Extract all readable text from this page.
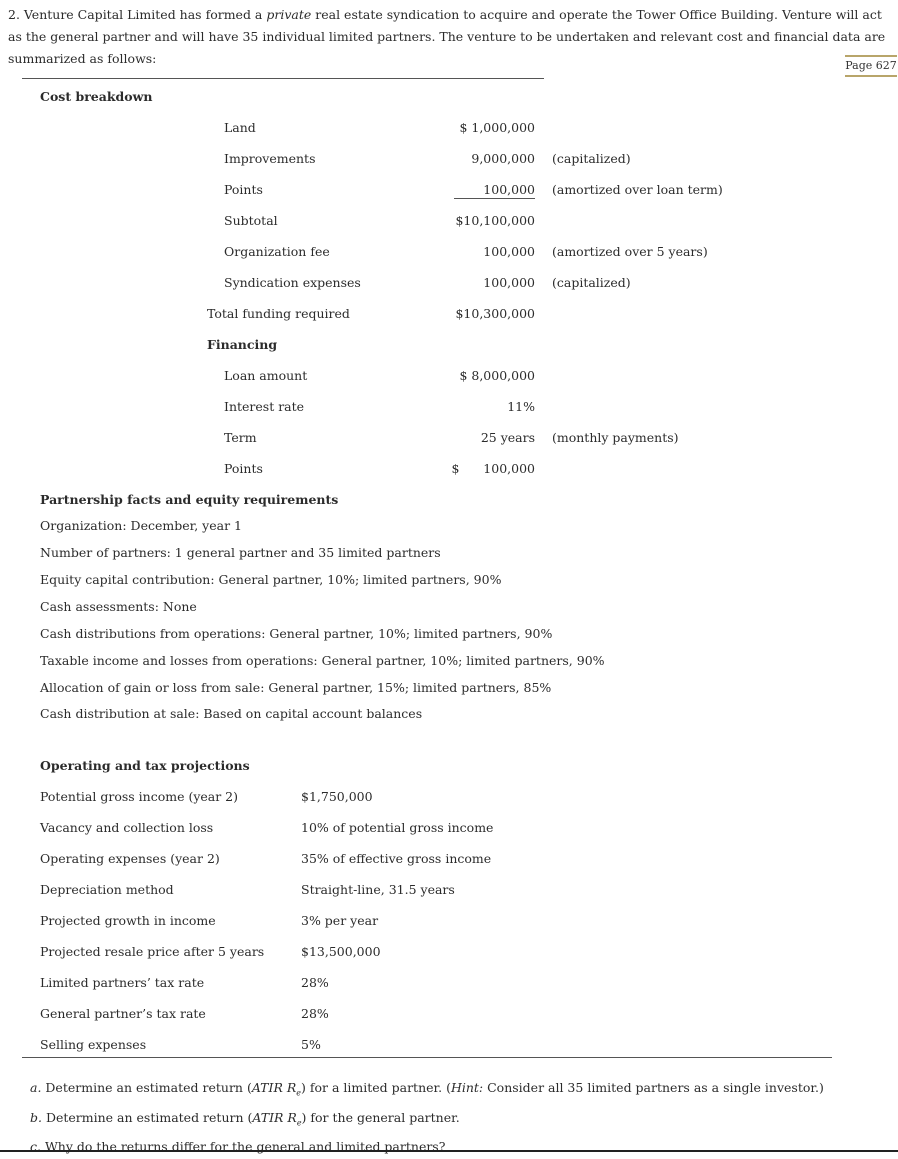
2. Venture Capital Limited has formed a private real estate syndication to acquire and operate the Tower Office Building. Venture will act as the general partner and will have 35 individual limited partners. The venture to be undertaken and relevant cost and financial data are summarized as follows:	Page 627
Cost breakdown
Land	$ 1,000,000
Improvements	9,000,000 (capitalized)
Points	100,000 (amortized over loan term)
Subtotal	$10,100,000
Organization fee	100,000 (amortized over 5 years)
Syndication expenses	100,000 (capitalized)
Total funding required	$10,300,000
Financing
Loan amount	$ 8,000,000
Interest rate	11%
Term	25 years (monthly payments)
Points	$      100,000
Partnership facts and equity requirements
Organization: December, year 1
Number of partners: 1 general partner and 35 limited partners
Equity capital contribution: General partner, 10%; limited partners, 90%
Cash assessments: None
Cash distributions from operations: General partner, 10%; limited partners, 90%
Taxable income and losses from operations: General partner, 10%; limited partners, 90%
Allocation of gain or loss from sale: General partner, 15%; limited partners, 85%
Cash distribution at sale: Based on capital account balances
Operating and tax projections
Potential gross income (year 2)	$1,750,000
Vacancy and collection loss	10% of potential gross income
Operating expenses (year 2)	35% of effective gross income
Depreciation method	Straight-line, 31.5 years
Projected growth in income	3% per year
Projected resale price after 5 years	$13,500,000
Limited partners’ tax rate	28%
General partner’s tax rate	28%
Selling expenses	5%
a. Determine an estimated return (ATIR $R_e$) for a limited partner. (Hint: Consider all 35 limited partners as a single investor.)
b. Determine an estimated return (ATIR $R_e$) for the general partner.
c. Why do the returns differ for the general and limited partners?
